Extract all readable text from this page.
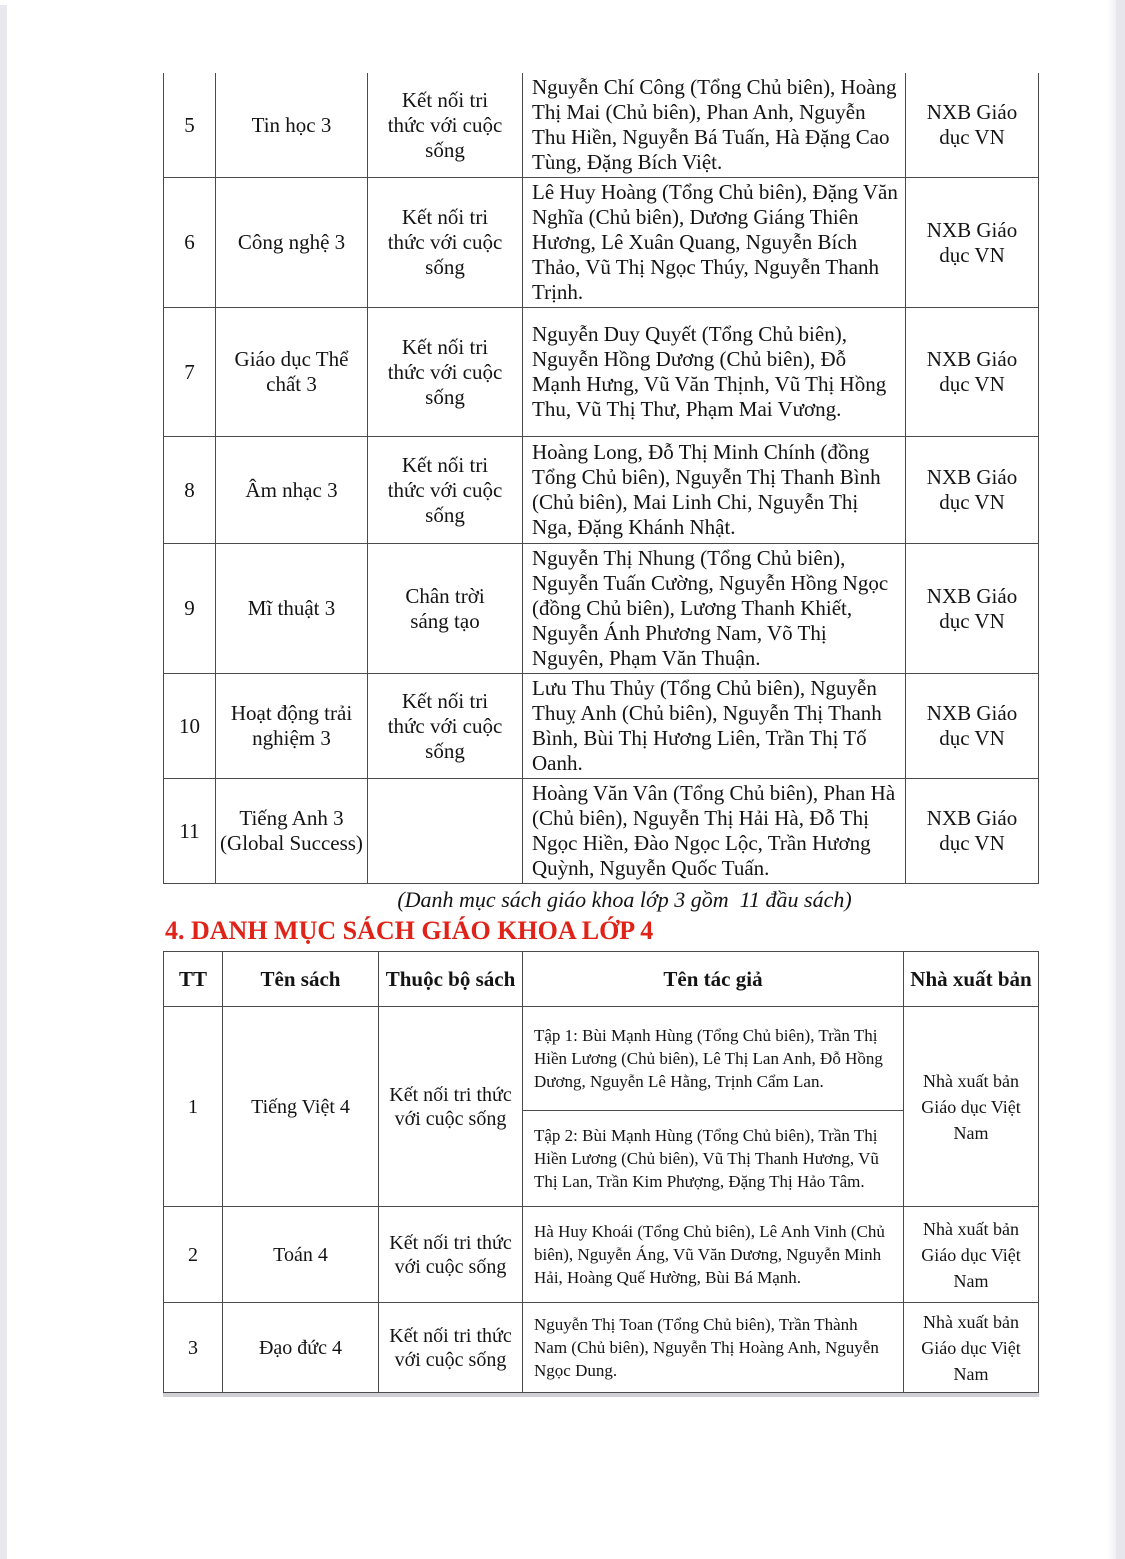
5	Tin học 3	Kết nối tri thức với cuộc sống	Nguyễn Chí Công (Tổng Chủ biên), Hoàng Thị Mai (Chủ biên), Phan Anh, Nguyễn Thu Hiền, Nguyễn Bá Tuấn, Hà Đặng Cao Tùng, Đặng Bích Việt.	NXB Giáo dục VN
6	Công nghệ 3	Kết nối tri thức với cuộc sống	Lê Huy Hoàng (Tổng Chủ biên), Đặng Văn Nghĩa (Chủ biên), Dương Giáng Thiên Hương, Lê Xuân Quang, Nguyễn Bích Thảo, Vũ Thị Ngọc Thúy, Nguyễn Thanh Trịnh.	NXB Giáo dục VN
7	Giáo dục Thể chất 3	Kết nối tri thức với cuộc sống	Nguyễn Duy Quyết (Tổng Chủ biên), Nguyễn Hồng Dương (Chủ biên), Đỗ Mạnh Hưng, Vũ Văn Thịnh, Vũ Thị Hồng Thu, Vũ Thị Thư, Phạm Mai Vương.	NXB Giáo dục VN
8	Âm nhạc 3	Kết nối tri thức với cuộc sống	Hoàng Long, Đỗ Thị Minh Chính (đồng Tổng Chủ biên), Nguyễn Thị Thanh Bình (Chủ biên), Mai Linh Chi, Nguyễn Thị Nga, Đặng Khánh Nhật.	NXB Giáo dục VN
9	Mĩ thuật 3	Chân trời sáng tạo	Nguyễn Thị Nhung (Tổng Chủ biên), Nguyễn Tuấn Cường, Nguyễn Hồng Ngọc (đồng Chủ biên), Lương Thanh Khiết, Nguyễn Ánh Phương Nam, Võ Thị Nguyên, Phạm Văn Thuận.	NXB Giáo dục VN
10	Hoạt động trải nghiệm 3	Kết nối tri thức với cuộc sống	Lưu Thu Thủy (Tổng Chủ biên), Nguyễn Thuỵ Anh (Chủ biên), Nguyễn Thị Thanh Bình, Bùi Thị Hương Liên, Trần Thị Tố Oanh.	NXB Giáo dục VN
11	Tiếng Anh 3 (Global Success)		Hoàng Văn Vân (Tổng Chủ biên), Phan Hà (Chủ biên), Nguyễn Thị Hải Hà, Đỗ Thị Ngọc Hiền, Đào Ngọc Lộc, Trần Hương Quỳnh, Nguyễn Quốc Tuấn.	NXB Giáo dục VN
(Danh mục sách giáo khoa lớp 3 gồm  11 đầu sách)
4. DANH MỤC SÁCH GIÁO KHOA LỚP 4
TT	Tên sách	Thuộc bộ sách	Tên tác giả	Nhà xuất bản
1	Tiếng Việt 4	Kết nối tri thức với cuộc sống	Tập 1: Bùi Mạnh Hùng (Tổng Chủ biên), Trần Thị Hiền Lương (Chủ biên), Lê Thị Lan Anh, Đỗ Hồng Dương, Nguyễn Lê Hằng, Trịnh Cẩm Lan.	Nhà xuất bản Giáo dục Việt Nam
			Tập 2: Bùi Mạnh Hùng (Tổng Chủ biên), Trần Thị Hiền Lương (Chủ biên), Vũ Thị Thanh Hương, Vũ Thị Lan, Trần Kim Phượng, Đặng Thị Hảo Tâm.	
2	Toán 4	Kết nối tri thức với cuộc sống	Hà Huy Khoái (Tổng Chủ biên), Lê Anh Vinh (Chủ biên), Nguyễn Áng, Vũ Văn Dương, Nguyễn Minh Hải, Hoàng Quế Hường, Bùi Bá Mạnh.	Nhà xuất bản Giáo dục Việt Nam
3	Đạo đức 4	Kết nối tri thức với cuộc sống	Nguyễn Thị Toan (Tổng Chủ biên), Trần Thành Nam (Chủ biên), Nguyễn Thị Hoàng Anh, Nguyễn Ngọc Dung.	Nhà xuất bản Giáo dục Việt Nam
